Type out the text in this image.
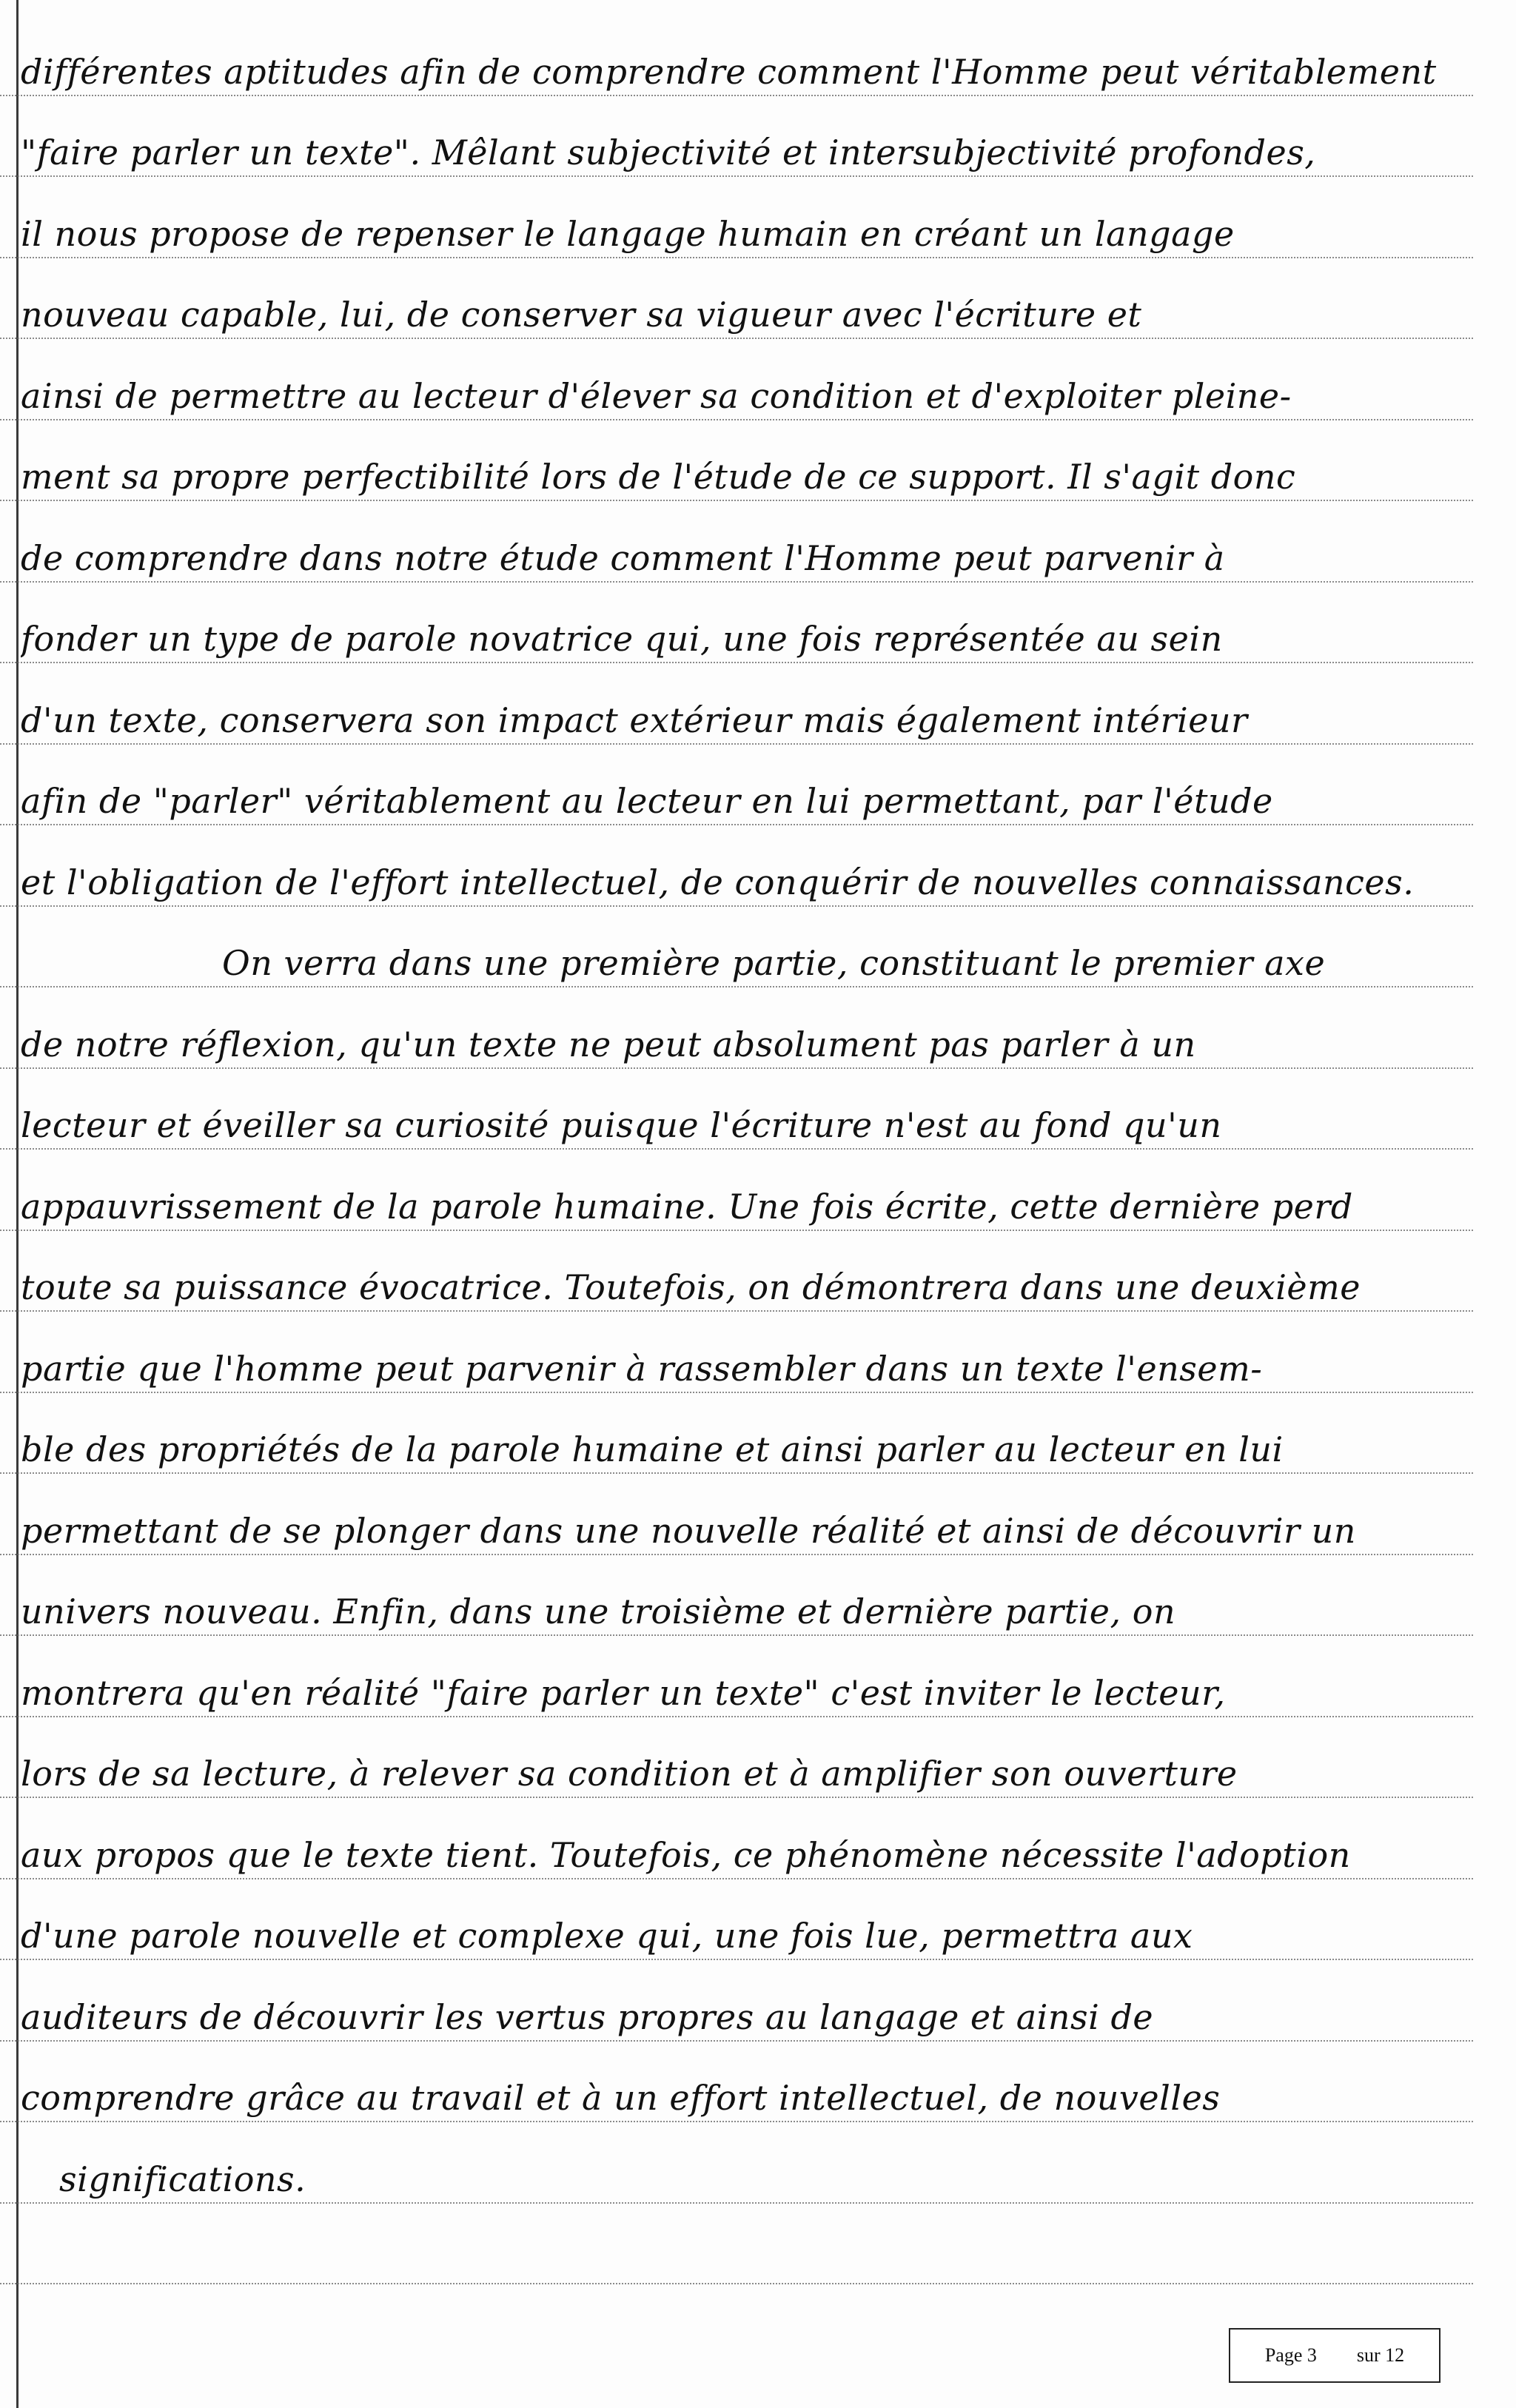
différentes aptitudes afin de comprendre comment l'Homme peut véritablement
"faire parler un texte". Mêlant subjectivité et intersubjectivité profondes,
il nous propose de repenser le langage humain en créant un langage
nouveau capable, lui, de conserver sa vigueur avec l'écriture et
ainsi de permettre au lecteur d'élever sa condition et d'exploiter pleine-
ment sa propre perfectibilité lors de l'étude de ce support. Il s'agit donc
de comprendre dans notre étude comment l'Homme peut parvenir à
fonder un type de parole novatrice qui, une fois représentée au sein
d'un texte, conservera son impact extérieur mais également intérieur
afin de "parler" véritablement au lecteur en lui permettant, par l'étude
et l'obligation de l'effort intellectuel, de conquérir de nouvelles connaissances.
On verra dans une première partie, constituant le premier axe
de notre réflexion, qu'un texte ne peut absolument pas parler à un
lecteur et éveiller sa curiosité puisque l'écriture n'est au fond qu'un
appauvrissement de la parole humaine. Une fois écrite, cette dernière perd
toute sa puissance évocatrice. Toutefois, on démontrera dans une deuxième
partie que l'homme peut parvenir à rassembler dans un texte l'ensem-
ble des propriétés de la parole humaine et ainsi parler au lecteur en lui
permettant de se plonger dans une nouvelle réalité et ainsi de découvrir un
univers nouveau. Enfin, dans une troisième et dernière partie, on
montrera qu'en réalité "faire parler un texte" c'est inviter le lecteur,
lors de sa lecture, à relever sa condition et à amplifier son ouverture
aux propos que le texte tient. Toutefois, ce phénomène nécessite l'adoption
d'une parole nouvelle et complexe qui, une fois lue, permettra aux
auditeurs de découvrir les vertus propres au langage et ainsi de
comprendre grâce au travail et à un effort intellectuel, de nouvelles
significations.
Page 3 sur 12
